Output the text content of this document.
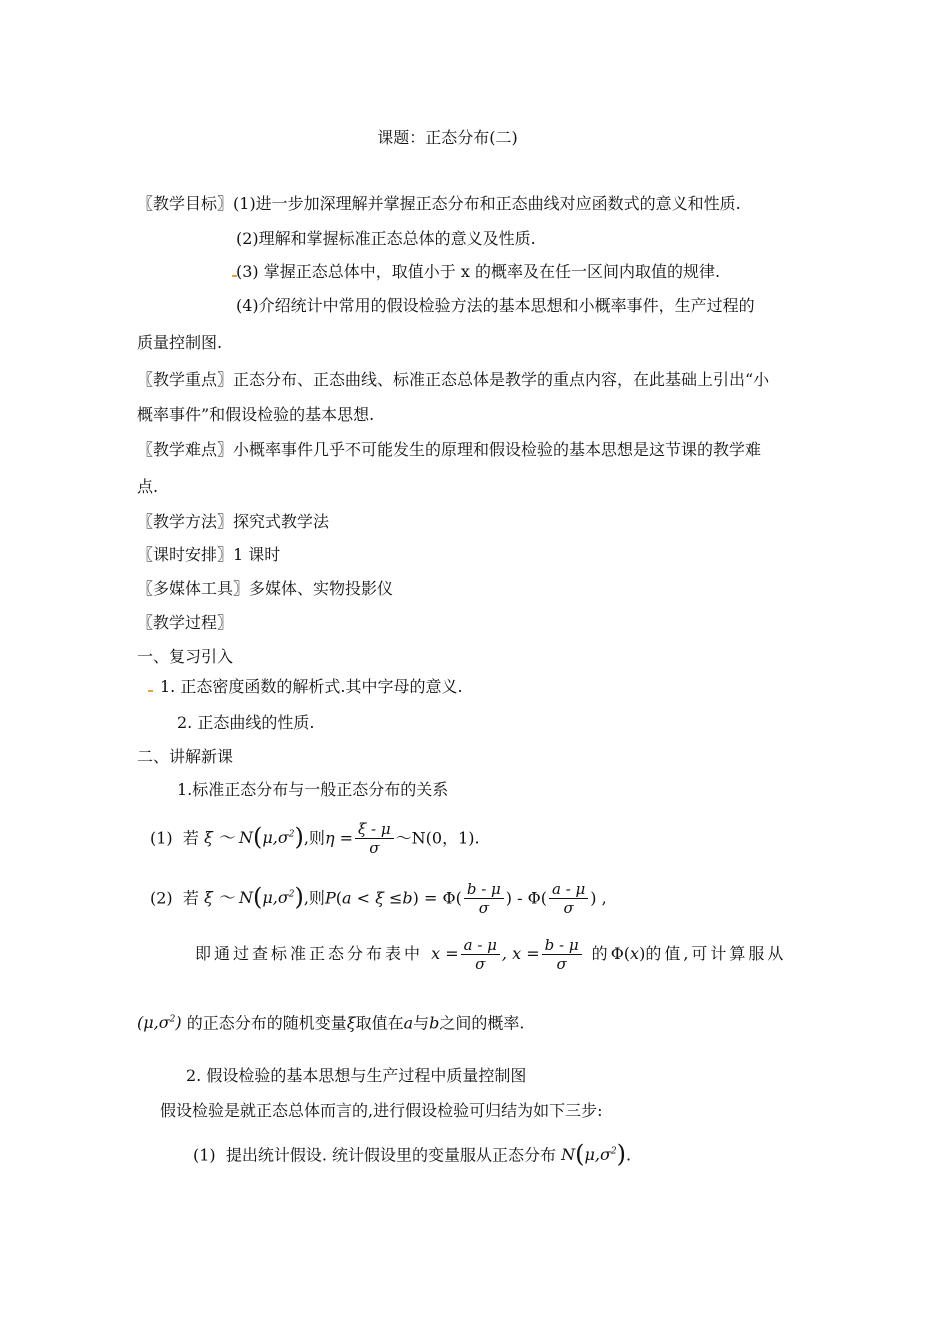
课题：正态分布(二)
〖教学目标〗(1)进一步加深理解并掌握正态分布和正态曲线对应函数式的意义和性质.
(2)理解和掌握标准正态总体的意义及性质.
(3) 掌握正态总体中，取值小于 x 的概率及在任一区间内取值的规律.
(4)介绍统计中常用的假设检验方法的基本思想和小概率事件，生产过程的
质量控制图.
〖教学重点〗正态分布、正态曲线、标准正态总体是教学的重点内容，在此基础上引出“小
概率事件”和假设检验的基本思想.
〖教学难点〗小概率事件几乎不可能发生的原理和假设检验的基本思想是这节课的教学难
点.
〖教学方法〗探究式教学法
〖课时安排〗1 课时
〖多媒体工具〗多媒体、实物投影仪
〖教学过程〗
一、复习引入
1. 正态密度函数的解析式.其中字母的意义.
2. 正态曲线的性质.
二、讲解新课
1.标准正态分布与一般正态分布的关系
(1) 若 ξ ～ $N(\mu,\sigma^2)$,则$\eta = \frac{\xi - \mu}{\sigma}$ ～N(0，1).
(2) 若 ξ ～ $N(\mu,\sigma^2)$,则$P(a < \xi \le b) = \Phi( \frac{b - \mu}{\sigma}$ ) - $\Phi( \frac{a - \mu}{\sigma}$ ) ,
即通过查标准正态分布表中 $x = \frac{a - \mu}{\sigma}$ , $x = \frac{b - \mu}{\sigma}$ 的Φ(x)的值,可计算服从
$(\mu,\sigma^2)$ 的正态分布的随机变量ξ取值在a与b之间的概率.
2. 假设检验的基本思想与生产过程中质量控制图
假设检验是就正态总体而言的,进行假设检验可归结为如下三步:
(1) 提出统计假设. 统计假设里的变量服从正态分布 $N(\mu,\sigma^2)$.
